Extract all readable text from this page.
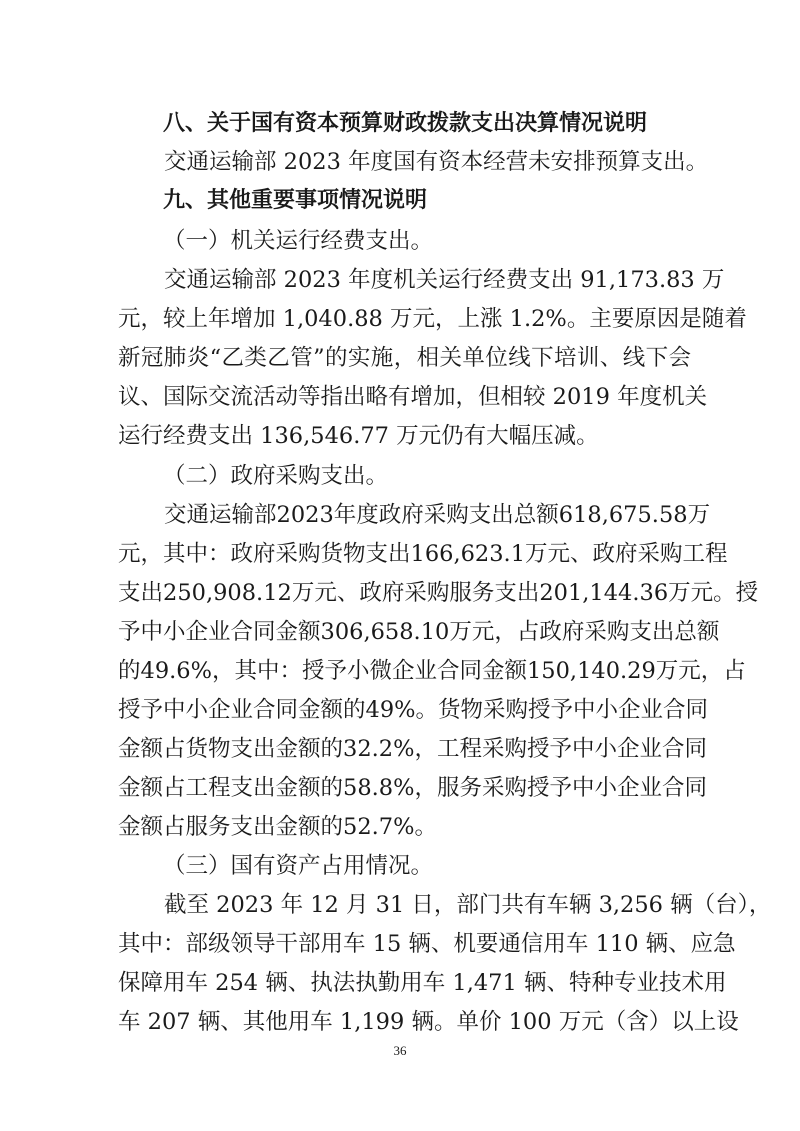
八、关于国有资本预算财政拨款支出决算情况说明
交通运输部 2023 年度国有资本经营未安排预算支出。
九、其他重要事项情况说明
（一）机关运行经费支出。
交通运输部 2023 年度机关运行经费支出 91,173.83 万
元，较上年增加 1,040.88 万元，上涨 1.2%。主要原因是随着
新冠肺炎“乙类乙管”的实施，相关单位线下培训、线下会
议、国际交流活动等指出略有增加，但相较 2019 年度机关
运行经费支出 136,546.77 万元仍有大幅压减。
（二）政府采购支出。
交通运输部2023年度政府采购支出总额618,675.58万
元，其中：政府采购货物支出166,623.1万元、政府采购工程
支出250,908.12万元、政府采购服务支出201,144.36万元。授
予中小企业合同金额306,658.10万元，占政府采购支出总额
的49.6%，其中：授予小微企业合同金额150,140.29万元，占
授予中小企业合同金额的49%。货物采购授予中小企业合同
金额占货物支出金额的32.2%，工程采购授予中小企业合同
金额占工程支出金额的58.8%，服务采购授予中小企业合同
金额占服务支出金额的52.7%。
（三）国有资产占用情况。
截至 2023 年 12 月 31 日，部门共有车辆 3,256 辆（台），
其中：部级领导干部用车 15 辆、机要通信用车 110 辆、应急
保障用车 254 辆、执法执勤用车 1,471 辆、特种专业技术用
车 207 辆、其他用车 1,199 辆。单价 100 万元（含）以上设
36
